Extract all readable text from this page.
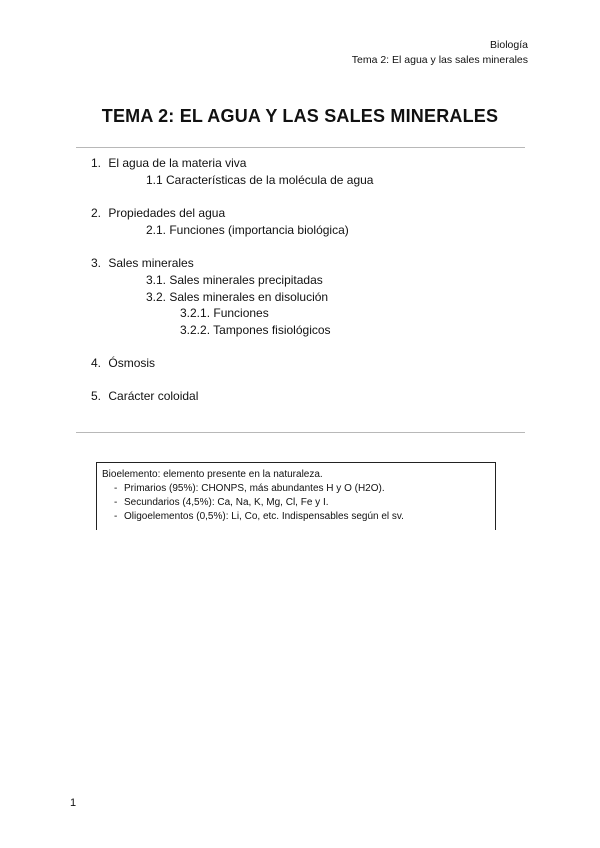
Biología
Tema 2: El agua y las sales minerales
TEMA 2: EL AGUA Y LAS SALES MINERALES
1. El agua de la materia viva
1.1 Características de la molécula de agua
2. Propiedades del agua
2.1. Funciones (importancia biológica)
3. Sales minerales
3.1. Sales minerales precipitadas
3.2. Sales minerales en disolución
3.2.1. Funciones
3.2.2. Tampones fisiológicos
4. Ósmosis
5. Carácter coloidal
Bioelemento: elemento presente en la naturaleza.
- Primarios (95%): CHONPS, más abundantes H y O (H2O).
- Secundarios (4,5%): Ca, Na, K, Mg, Cl, Fe y I.
- Oligoelementos (0,5%): Li, Co, etc. Indispensables según el sv.
1
